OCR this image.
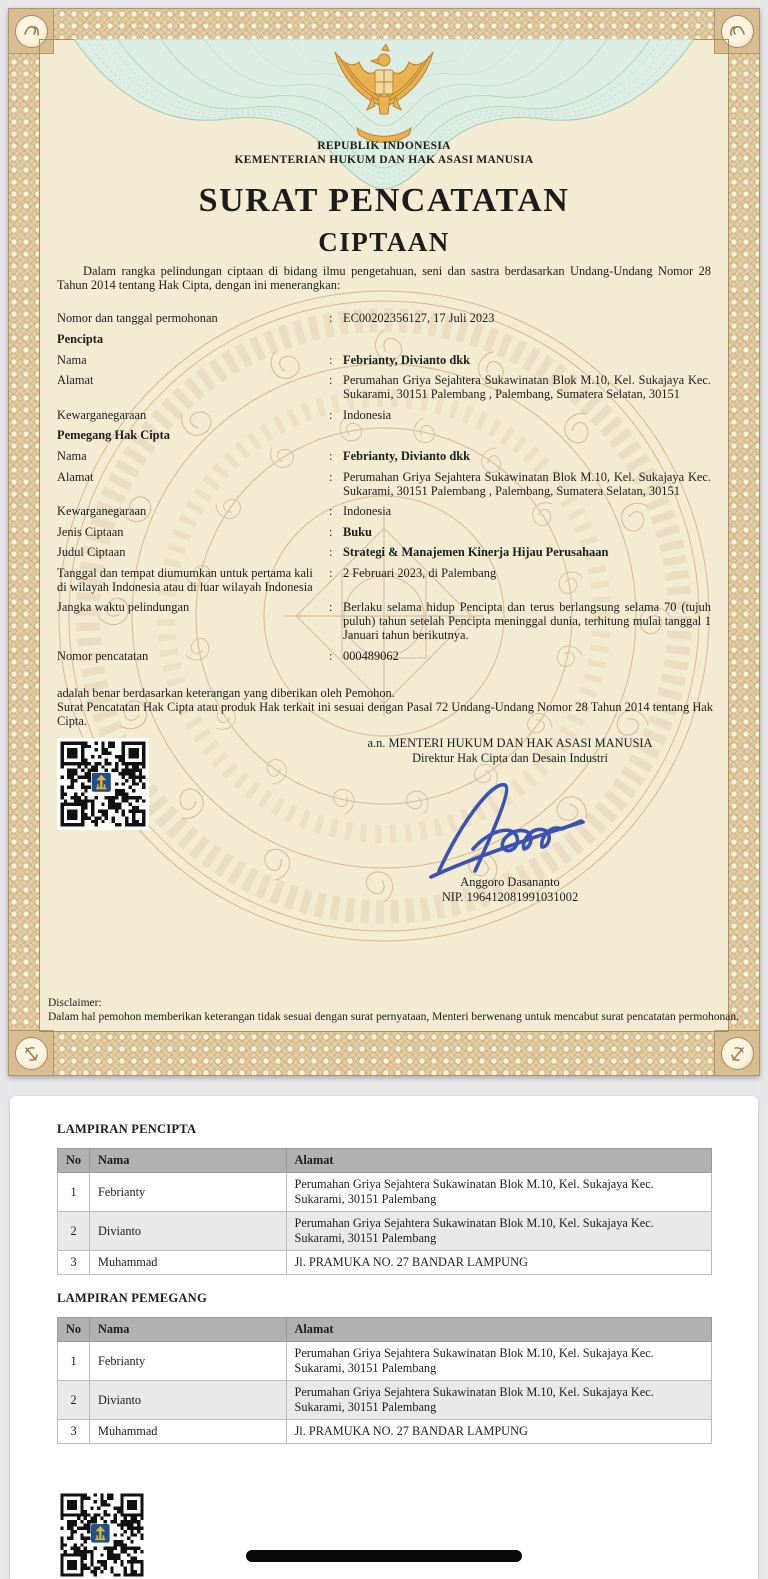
REPUBLIK INDONESIA
KEMENTERIAN HUKUM DAN HAK ASASI MANUSIA
SURAT PENCATATAN
CIPTAAN

Dalam rangka pelindungan ciptaan di bidang ilmu pengetahuan, seni dan sastra berdasarkan Undang-Undang Nomor 28 Tahun 2014 tentang Hak Cipta, dengan ini menerangkan:

Nomor dan tanggal permohonan	: EC00202356127, 17 Juli 2023
Pencipta
Nama	: Febrianty, Divianto dkk
Alamat	: Perumahan Griya Sejahtera Sukawinatan Blok M.10, Kel. Sukajaya Kec. Sukarami, 30151 Palembang , Palembang, Sumatera Selatan, 30151
Kewarganegaraan	: Indonesia
Pemegang Hak Cipta
Nama	: Febrianty, Divianto dkk
Alamat	: Perumahan Griya Sejahtera Sukawinatan Blok M.10, Kel. Sukajaya Kec. Sukarami, 30151 Palembang , Palembang, Sumatera Selatan, 30151
Kewarganegaraan	: Indonesia
Jenis Ciptaan	: Buku
Judul Ciptaan	: Strategi & Manajemen Kinerja Hijau Perusahaan
Tanggal dan tempat diumumkan untuk pertama kali di wilayah Indonesia atau di luar wilayah Indonesia
: 2 Februari 2023, di Palembang
Jangka waktu pelindungan	: Berlaku selama hidup Pencipta dan terus berlangsung selama 70 (tujuh puluh) tahun setelah Pencipta meninggal dunia, terhitung mulai tanggal 1 Januari tahun berikutnya.
Nomor pencatatan	: 000489062

adalah benar berdasarkan keterangan yang diberikan oleh Pemohon.

Surat Pencatatan Hak Cipta atau produk Hak terkait ini sesuai dengan Pasal 72 Undang-Undang Nomor 28 Tahun 2014 tentang Hak Cipta.

a.n. MENTERI HUKUM DAN HAK ASASI MANUSIA
Direktur Hak Cipta dan Desain Industri
Anggoro Dasananto
NIP. 196412081991031002
Disclaimer:
Dalam hal pemohon memberikan keterangan tidak sesuai dengan surat pernyataan, Menteri berwenang untuk mencabut surat pencatatan permohonan.
LAMPIRAN PENCIPTA
No	Nama	Alamat
1	Febrianty	Perumahan Griya Sejahtera Sukawinatan Blok M.10, Kel. Sukajaya Kec. Sukarami, 30151 Palembang
2	Divianto	Perumahan Griya Sejahtera Sukawinatan Blok M.10, Kel. Sukajaya Kec. Sukarami, 30151 Palembang
3	Muhammad	Jl. PRAMUKA NO. 27 BANDAR LAMPUNG
LAMPIRAN PEMEGANG
No	Nama	Alamat
1	Febrianty	Perumahan Griya Sejahtera Sukawinatan Blok M.10, Kel. Sukajaya Kec. Sukarami, 30151 Palembang
2	Divianto	Perumahan Griya Sejahtera Sukawinatan Blok M.10, Kel. Sukajaya Kec. Sukarami, 30151 Palembang
3	Muhammad	Jl. PRAMUKA NO. 27 BANDAR LAMPUNG
